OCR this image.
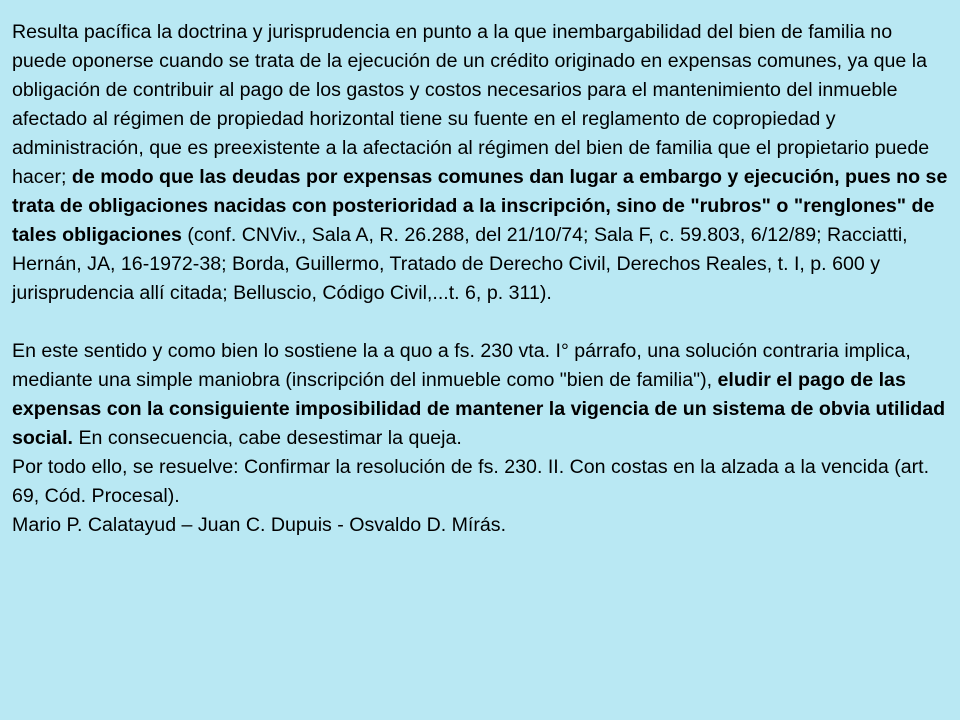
Resulta pacífica la doctrina y jurisprudencia en punto a la que inembargabilidad del bien de familia no puede oponerse cuando se trata de la ejecución de un crédito originado en expensas comunes, ya que la obligación de contribuir al pago de los gastos y costos necesarios para el mantenimiento del inmueble afectado al régimen de propiedad horizontal tiene su fuente en el reglamento de copropiedad y administración, que es preexistente a la afectación al régimen del bien de familia que el propietario puede hacer; de modo que las deudas por expensas comunes dan lugar a embargo y ejecución, pues no se trata de obligaciones nacidas con posterioridad a la inscripción, sino de "rubros" o "renglones" de tales obligaciones (conf. CNViv., Sala A, R. 26.288, del 21/10/74; Sala F, c. 59.803, 6/12/89; Racciatti, Hernán, JA, 16-1972-38; Borda, Guillermo, Tratado de Derecho Civil, Derechos Reales, t. I, p. 600 y jurisprudencia allí citada; Belluscio, Código Civil,...t. 6, p. 311).

En este sentido y como bien lo sostiene la a quo a fs. 230 vta. I° párrafo, una solución contraria implica, mediante una simple maniobra (inscripción del inmueble como "bien de familia"), eludir el pago de las expensas con la consiguiente imposibilidad de mantener la vigencia de un sistema de obvia utilidad social. En consecuencia, cabe desestimar la queja.

Por todo ello, se resuelve: Confirmar la resolución de fs. 230. II. Con costas en la alzada a la vencida (art. 69, Cód. Procesal).

Mario P. Calatayud – Juan C. Dupuis - Osvaldo D. Mírás.
